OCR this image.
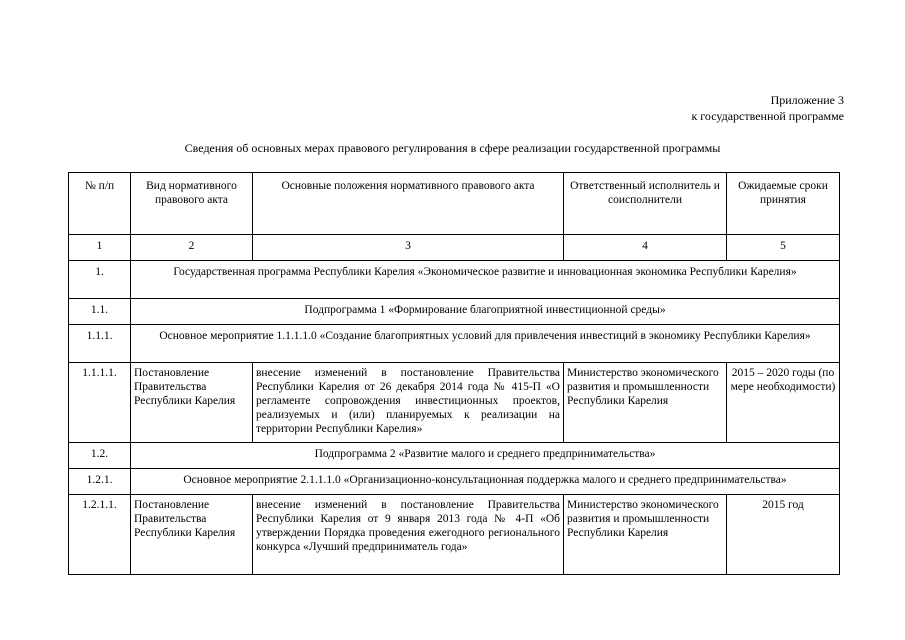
Приложение 3
к государственной программе
Сведения об основных мерах правового регулирования в сфере реализации государственной программы
№ п/п	Вид нормативного правового акта	Основные положения нормативного правового акта	Ответственный исполнитель и соисполнители	Ожидаемые сроки принятия
1	2	3	4	5
1.	Государственная программа Республики Карелия «Экономическое развитие и инновационная экономика Республики Карелия»			
1.1.	Подпрограмма 1 «Формирование благоприятной инвестиционной среды»			
1.1.1.	Основное мероприятие 1.1.1.1.0 «Создание благоприятных условий для привлечения инвестиций в экономику Республики Карелия»			
1.1.1.1.	Постановление Правительства Республики Карелия	внесение изменений в постановление Правительства Республики Карелия от 26 декабря 2014 года № 415-П «О регламенте сопровождения инвестиционных проектов, реализуемых и (или) планируемых к реализации на территории Республики Карелия»	Министерство экономического развития и промышленности Республики Карелия	2015 – 2020 годы (по мере необходимости)
1.2.	Подпрограмма 2 «Развитие малого и среднего предпринимательства»			
1.2.1.	Основное мероприятие 2.1.1.1.0 «Организационно-консультационная поддержка малого и среднего предпринимательства»			
1.2.1.1.	Постановление Правительства Республики Карелия	внесение изменений в постановление Правительства Республики Карелия от 9 января 2013 года № 4-П «Об утверждении Порядка проведения ежегодного регионального конкурса «Лучший предприниматель года»	Министерство экономического развития и промышленности Республики Карелия	2015 год
